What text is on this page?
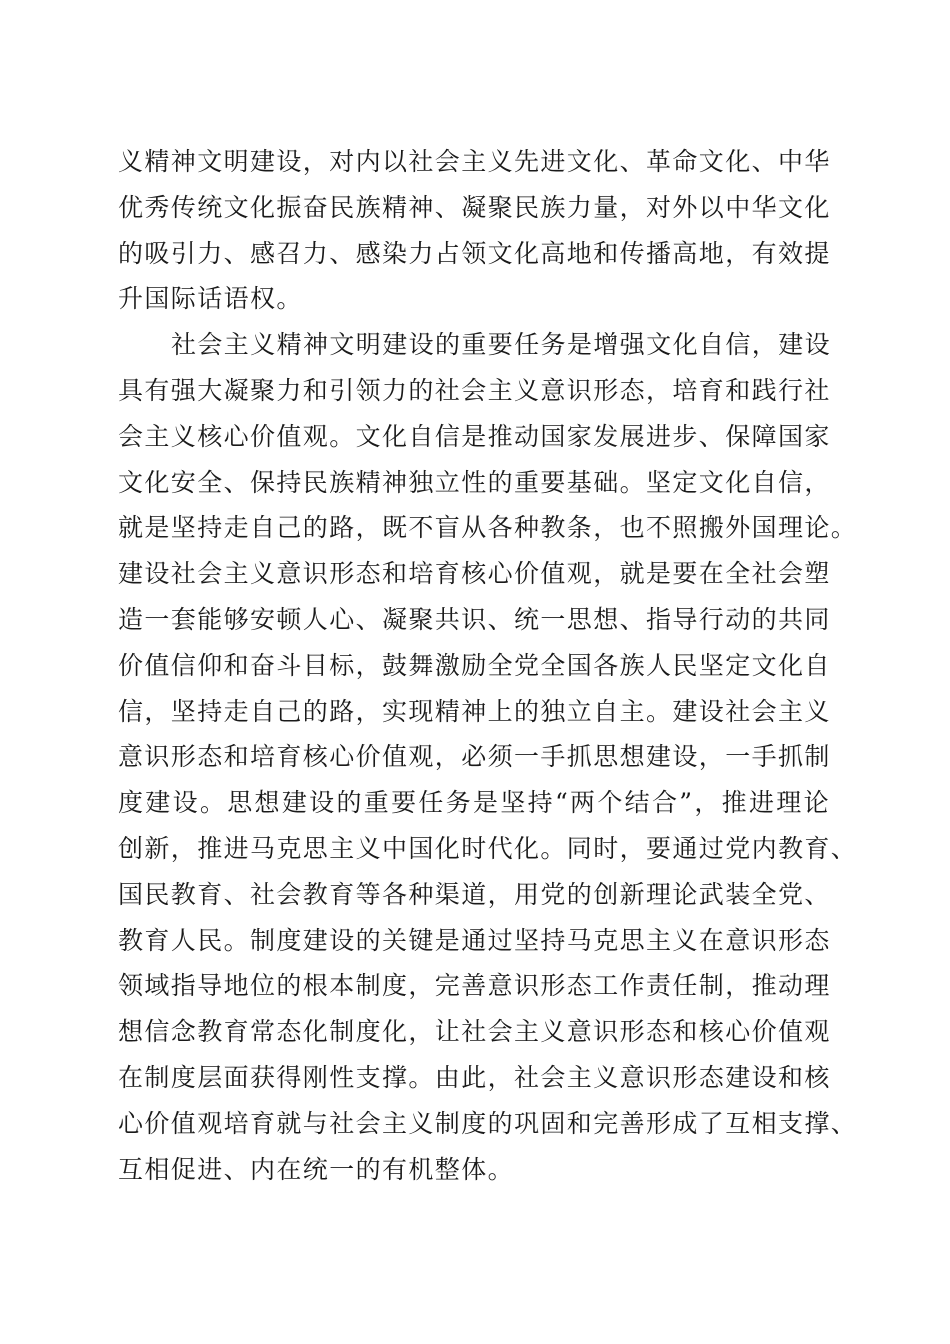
义精神文明建设，对内以社会主义先进文化、革命文化、中华
优秀传统文化振奋民族精神、凝聚民族力量，对外以中华文化
的吸引力、感召力、感染力占领文化高地和传播高地，有效提
升国际话语权。
社会主义精神文明建设的重要任务是增强文化自信，建设
具有强大凝聚力和引领力的社会主义意识形态，培育和践行社
会主义核心价值观。文化自信是推动国家发展进步、保障国家
文化安全、保持民族精神独立性的重要基础。坚定文化自信，
就是坚持走自己的路，既不盲从各种教条，也不照搬外国理论。
建设社会主义意识形态和培育核心价值观，就是要在全社会塑
造一套能够安顿人心、凝聚共识、统一思想、指导行动的共同
价值信仰和奋斗目标，鼓舞激励全党全国各族人民坚定文化自
信，坚持走自己的路，实现精神上的独立自主。建设社会主义
意识形态和培育核心价值观，必须一手抓思想建设，一手抓制
度建设。思想建设的重要任务是坚持“两个结合”，推进理论
创新，推进马克思主义中国化时代化。同时，要通过党内教育、
国民教育、社会教育等各种渠道，用党的创新理论武装全党、
教育人民。制度建设的关键是通过坚持马克思主义在意识形态
领域指导地位的根本制度，完善意识形态工作责任制，推动理
想信念教育常态化制度化，让社会主义意识形态和核心价值观
在制度层面获得刚性支撑。由此，社会主义意识形态建设和核
心价值观培育就与社会主义制度的巩固和完善形成了互相支撑、
互相促进、内在统一的有机整体。
